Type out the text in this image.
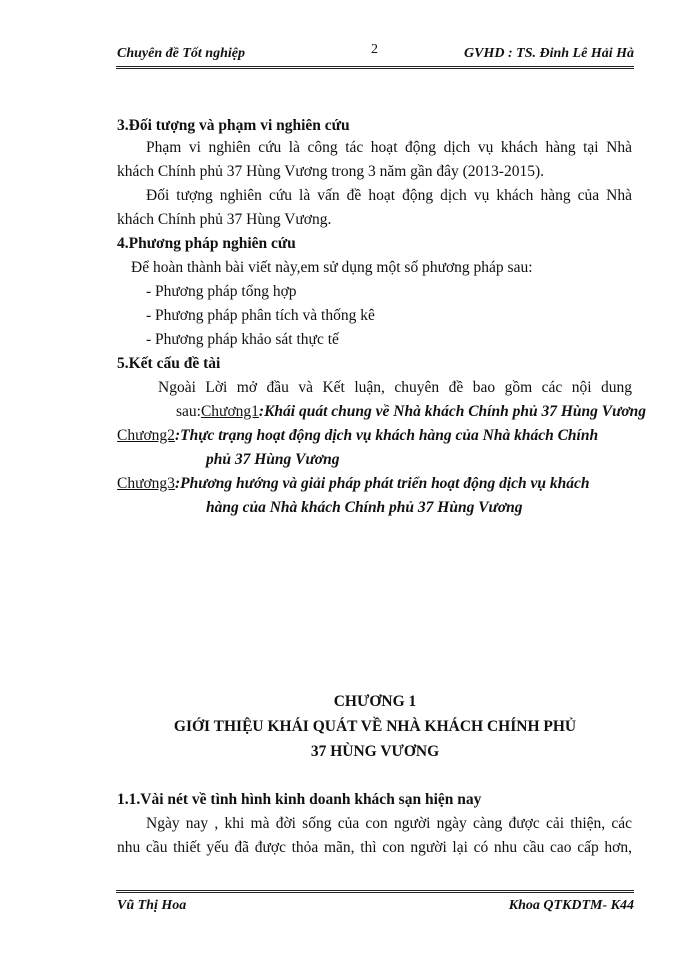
Chuyên đề Tốt nghiệp	2	GVHD : TS. Đinh Lê Hải Hà
3.Đối tượng và phạm vi nghiên cứu
Phạm vi nghiên cứu là công tác hoạt động dịch vụ khách hàng tại Nhà
khách Chính phủ 37 Hùng Vương trong 3 năm gần đây (2013-2015).
Đối tượng nghiên cứu là vấn đề hoạt động dịch vụ khách hàng của Nhà
khách Chính phủ 37 Hùng Vương.
4.Phương pháp nghiên cứu
Để hoàn thành bài viết này,em sử dụng một số phương pháp sau:
- Phương pháp tổng hợp
- Phương pháp phân tích và thống kê
- Phương pháp khảo sát thực tế
5.Kết cấu đề tài
Ngoài Lời mở đầu và Kết luận, chuyên đề bao gồm các nội dung
sau:Chương1:Khái quát chung về Nhà khách Chính phủ 37 Hùng Vương
Chương2:Thực trạng hoạt động dịch vụ khách hàng của Nhà khách Chính
phủ 37 Hùng Vương
Chương3:Phương hướng và giải pháp phát triển hoạt động dịch vụ khách
hàng của Nhà khách Chính phủ 37 Hùng Vương
CHƯƠNG 1
GIỚI THIỆU KHÁI QUÁT VỀ NHÀ KHÁCH CHÍNH PHỦ
37 HÙNG VƯƠNG
1.1.Vài nét về tình hình kinh doanh khách sạn hiện nay
Ngày nay , khi mà đời sống của con người ngày càng được cải thiện, các
nhu cầu thiết yếu đã được thỏa mãn, thì con người lại có nhu cầu cao cấp hơn,
Vũ Thị Hoa	Khoa QTKDTM- K44
